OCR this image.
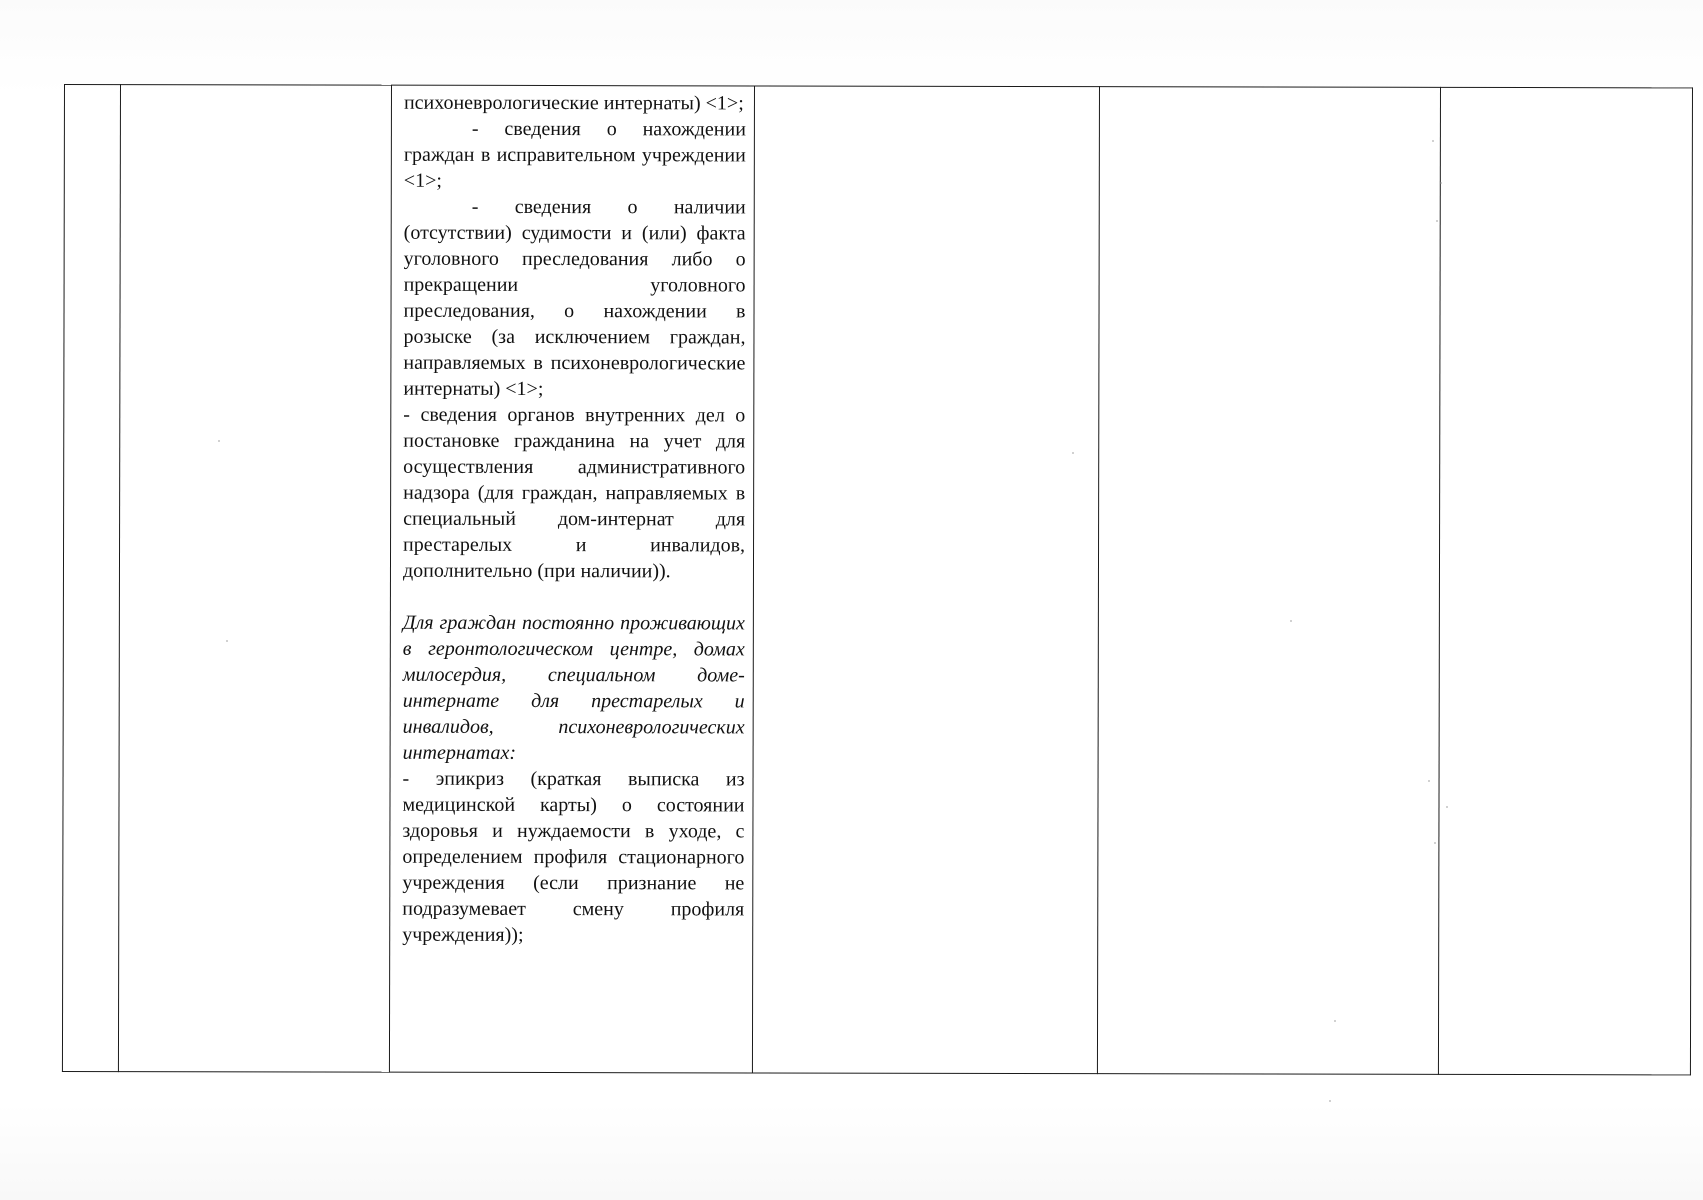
психоневрологические интернаты) <1>;

- сведения о нахождении граждан в исправительном учреждении <1>;

- сведения о наличии (отсутствии) судимости и (или) факта уголовного преследования либо о прекращении уголовного преследования, о нахождении в розыске (за исключением граждан, направляемых в психоневрологические интернаты) <1>;

- сведения органов внутренних дел о постановке гражданина на учет для осуществления административного надзора (для граждан, направляемых в специальный дом-интернат для престарелых и инвалидов, дополнительно (при наличии)).

Для граждан постоянно проживающих в геронтологическом центре, домах милосердия, специальном доме-интернате для престарелых и инвалидов, психоневрологических интернатах:

- эпикриз (краткая выписка из медицинской карты) о состоянии здоровья и нуждаемости в уходе, с определением профиля стационарного учреждения (если признание не подразумевает смену профиля учреждения));
